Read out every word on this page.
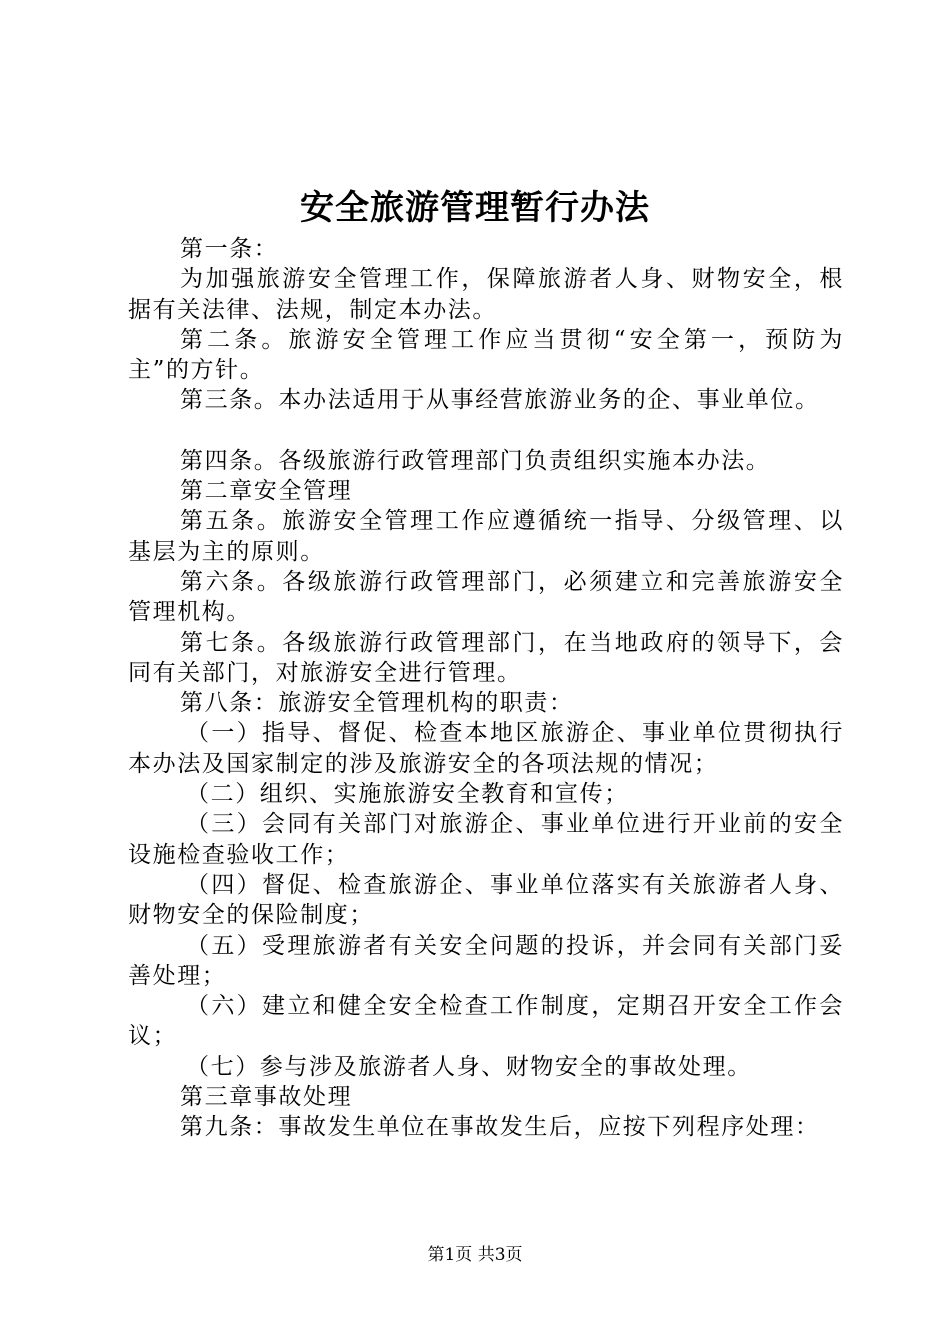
安全旅游管理暂行办法

第一条：

为加强旅游安全管理工作，保障旅游者人身、财物安全，根据有关法律、法规，制定本办法。

第二条。旅游安全管理工作应当贯彻“安全第一，预防为主”的方针。

第三条。本办法适用于从事经营旅游业务的企、事业单位。

第四条。各级旅游行政管理部门负责组织实施本办法。

第二章安全管理

第五条。旅游安全管理工作应遵循统一指导、分级管理、以基层为主的原则。

第六条。各级旅游行政管理部门，必须建立和完善旅游安全管理机构。

第七条。各级旅游行政管理部门，在当地政府的领导下，会同有关部门，对旅游安全进行管理。

第八条：旅游安全管理机构的职责：

（一）指导、督促、检查本地区旅游企、事业单位贯彻执行本办法及国家制定的涉及旅游安全的各项法规的情况；

（二）组织、实施旅游安全教育和宣传；

（三）会同有关部门对旅游企、事业单位进行开业前的安全设施检查验收工作；

（四）督促、检查旅游企、事业单位落实有关旅游者人身、财物安全的保险制度；

（五）受理旅游者有关安全问题的投诉，并会同有关部门妥善处理；

（六）建立和健全安全检查工作制度，定期召开安全工作会议；

（七）参与涉及旅游者人身、财物安全的事故处理。

第三章事故处理

第九条：事故发生单位在事故发生后，应按下列程序处理：

第1页 共3页
